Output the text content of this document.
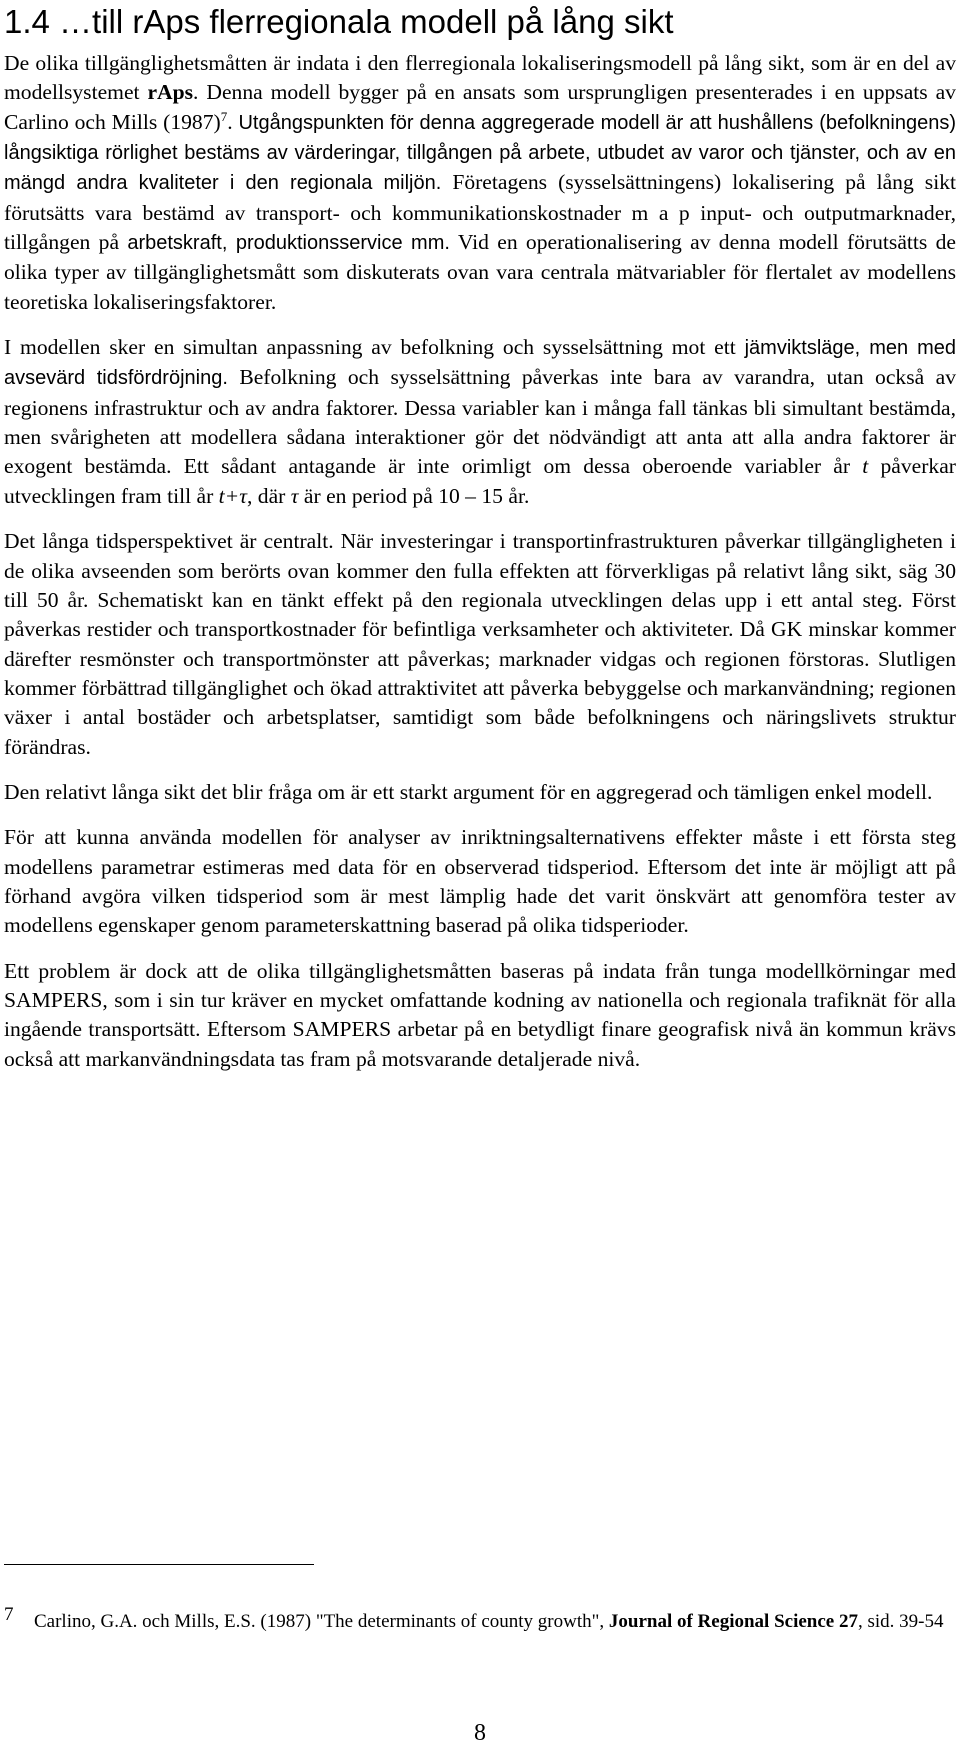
1.4 …till rAps flerregionala modell på lång sikt

De olika tillgänglighetsmåtten är indata i den flerregionala lokaliseringsmodell på lång sikt, som är en del av modellsystemet rAps. Denna modell bygger på en ansats som ursprungligen presenterades i en uppsats av Carlino och Mills (1987)$^7$. Utgångspunkten för denna aggregerade modell är att hushållens (befolkningens) långsiktiga rörlighet bestäms av värderingar, tillgången på arbete, utbudet av varor och tjänster, och av en mängd andra kvaliteter i den regionala miljön. Företagens (sysselsättningens) lokalisering på lång sikt förutsätts vara bestämd av transport- och kommunikationskostnader m a p input- och outputmarknader, tillgången på arbetskraft, produktionsservice mm. Vid en operationalisering av denna modell förutsätts de olika typer av tillgänglighetsmått som diskuterats ovan vara centrala mätvariabler för flertalet av modellens teoretiska lokaliseringsfaktorer.

I modellen sker en simultan anpassning av befolkning och sysselsättning mot ett jämviktsläge, men med avsevärd tidsfördröjning. Befolkning och sysselsättning påverkas inte bara av varandra, utan också av regionens infrastruktur och av andra faktorer. Dessa variabler kan i många fall tänkas bli simultant bestämda, men svårigheten att modellera sådana interaktioner gör det nödvändigt att anta att alla andra faktorer är exogent bestämda. Ett sådant antagande är inte orimligt om dessa oberoende variabler år t påverkar utvecklingen fram till år t+τ, där τ är en period på 10 – 15 år.

Det långa tidsperspektivet är centralt. När investeringar i transportinfrastrukturen påverkar tillgängligheten i de olika avseenden som berörts ovan kommer den fulla effekten att förverkligas på relativt lång sikt, säg 30 till 50 år. Schematiskt kan en tänkt effekt på den regionala utvecklingen delas upp i ett antal steg. Först påverkas restider och transportkostnader för befintliga verksamheter och aktiviteter. Då GK minskar kommer därefter resmönster och transportmönster att påverkas; marknader vidgas och regionen förstoras. Slutligen kommer förbättrad tillgänglighet och ökad attraktivitet att påverka bebyggelse och markanvändning; regionen växer i antal bostäder och arbetsplatser, samtidigt som både befolkningens och näringslivets struktur förändras.

Den relativt långa sikt det blir fråga om är ett starkt argument för en aggregerad och tämligen enkel modell.

För att kunna använda modellen för analyser av inriktningsalternativens effekter måste i ett första steg modellens parametrar estimeras med data för en observerad tidsperiod. Eftersom det inte är möjligt att på förhand avgöra vilken tidsperiod som är mest lämplig hade det varit önskvärt att genomföra tester av modellens egenskaper genom parameterskattning baserad på olika tidsperioder.

Ett problem är dock att de olika tillgänglighetsmåtten baseras på indata från tunga modellkörningar med SAMPERS, som i sin tur kräver en mycket omfattande kodning av nationella och regionala trafiknät för alla ingående transportsätt. Eftersom SAMPERS arbetar på en betydligt finare geografisk nivå än kommun krävs också att markanvändningsdata tas fram på motsvarande detaljerade nivå.

7 Carlino, G.A. och Mills, E.S. (1987) "The determinants of county growth", Journal of Regional Science 27, sid. 39-54
8
